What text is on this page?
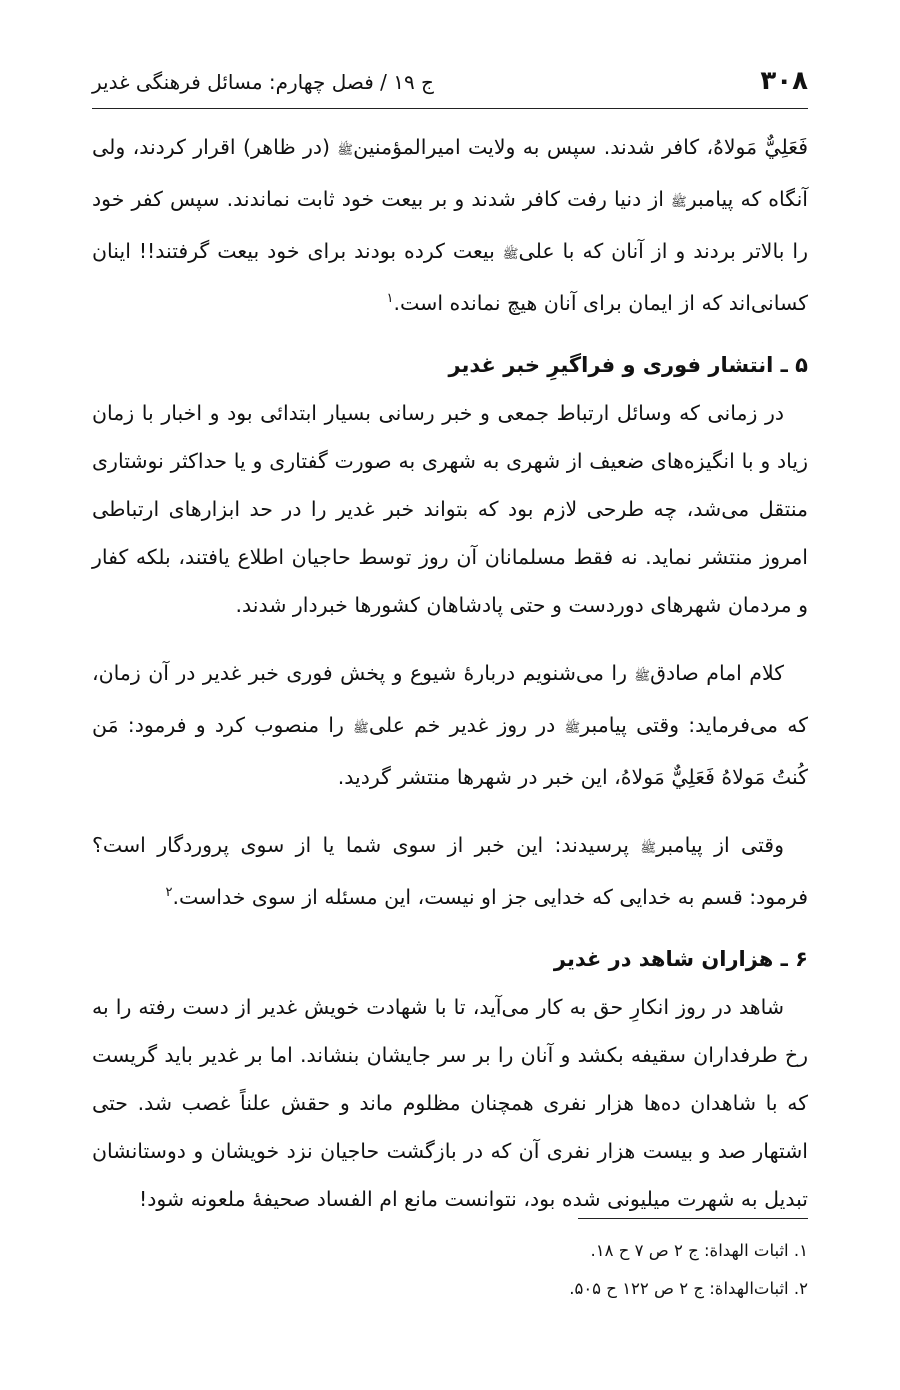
۳۰۸
ج ۱۹ / فصل چهارم: مسائل فرهنگی غدیر

فَعَلِيٌّ مَولاهُ، کافر شدند. سپس به ولایت امیرالمؤمنینﷺ (در ظاهر) اقرار کردند، ولی آنگاه که پیامبرﷺ از دنیا رفت کافر شدند و بر بیعت خود ثابت نماندند. سپس کفر خود را بالاتر بردند و از آنان که با علیﷺ بیعت کرده بودند برای خود بیعت گرفتند!! اینان کسانی‌اند که از ایمان برای آنان هیچ نمانده است.$^۱$

۵ ـ انتشار فوری و فراگیرِ خبر غدیر

در زمانی که وسائل ارتباط جمعی و خبر رسانی بسیار ابتدائی بود و اخبار با زمان زیاد و با انگیزه‌های ضعیف از شهری به شهری به صورت گفتاری و یا حداکثر نوشتاری منتقل می‌شد، چه طرحی لازم بود که بتواند خبر غدیر را در حد ابزارهای ارتباطی امروز منتشر نماید. نه فقط مسلمانان آن روز توسط حاجیان اطلاع یافتند، بلکه کفار و مردمان شهرهای دوردست و حتی پادشاهان کشورها خبردار شدند.

کلام امام صادقﷺ را می‌شنویم دربارۀ شیوع و پخش فوری خبر غدیر در آن زمان، که می‌فرماید: وقتی پیامبرﷺ در روز غدیر خم علیﷺ را منصوب کرد و فرمود: مَن كُنتُ مَولاهُ فَعَلِيٌّ مَولاهُ، این خبر در شهرها منتشر گردید.

وقتی از پیامبرﷺ پرسیدند: این خبر از سوی شما یا از سوی پروردگار است؟ فرمود: قسم به خدایی که خدایی جز او نیست، این مسئله از سوی خداست.$^۲$

۶ ـ هزاران شاهد در غدیر

شاهد در روز انکارِ حق به کار می‌آید، تا با شهادت خویش غدیر از دست رفته را به رخ طرفداران سقیفه بکشد و آنان را بر سر جایشان بنشاند. اما بر غدیر باید گریست که با شاهدان ده‌ها هزار نفری همچنان مظلوم ماند و حقش علناً غصب شد. حتی اشتهار صد و بیست هزار نفری آن که در بازگشت حاجیان نزد خویشان و دوستانشان تبدیل به شهرت میلیونی شده بود، نتوانست مانع ام الفساد صحیفۀ ملعونه شود!

۱. اثبات الهداة: ج ۲ ص ۷ ح ۱۸.
۲. اثبات‌الهداة: ج ۲ ص ۱۲۲ ح ۵۰۵.
